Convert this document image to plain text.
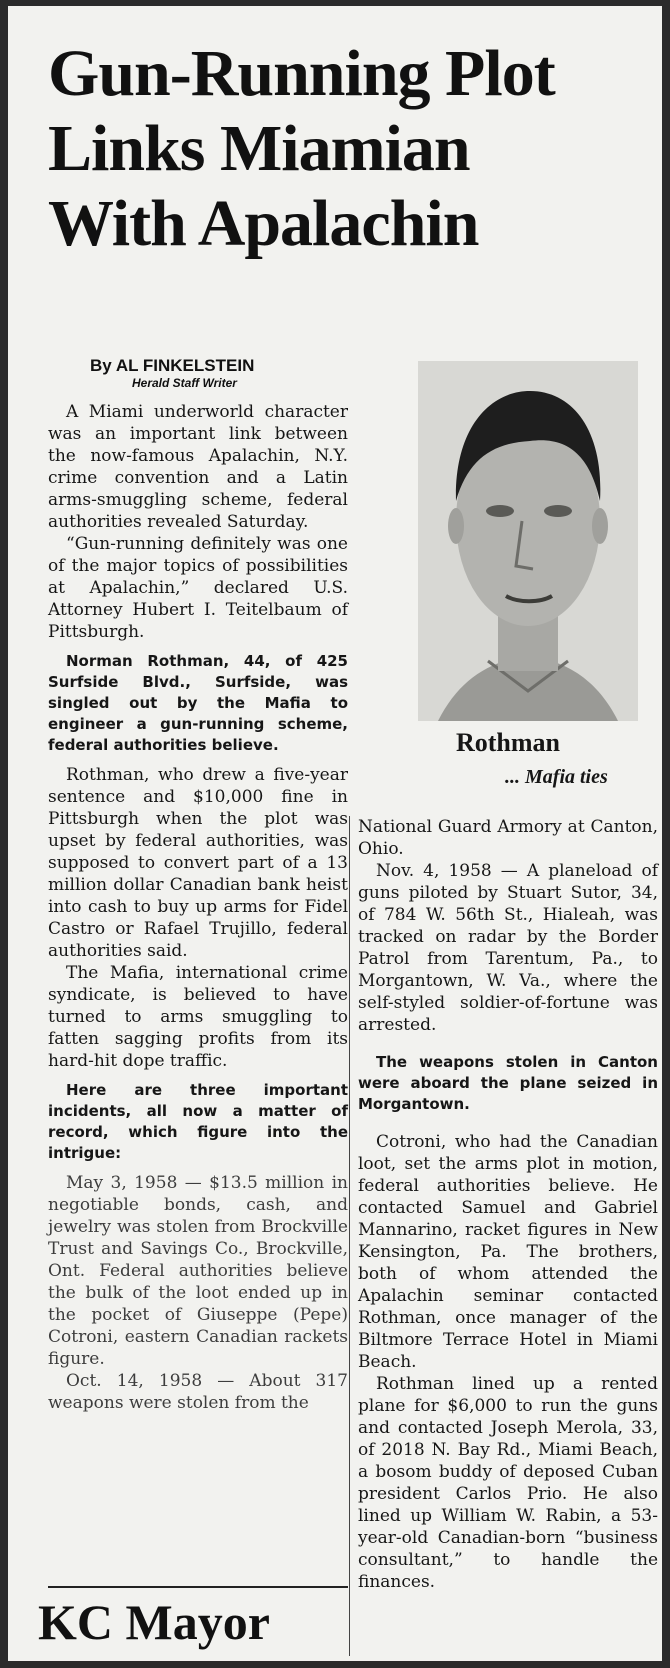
Gun-Running Plot
Links Miamian
With Apalachin
By AL FINKELSTEIN
Herald Staff Writer

A Miami underworld character was an important link between the now-famous Apalachin, N.Y. crime convention and a Latin arms-smuggling scheme, federal authorities revealed Saturday.

“Gun-running definitely was one of the major topics of possibilities at Apalachin,” declared U.S. Attorney Hubert I. Teitelbaum of Pittsburgh.

Norman Rothman, 44, of 425 Surfside Blvd., Surfside, was singled out by the Mafia to engineer a gun-running scheme, federal authorities believe.

Rothman, who drew a five-year sentence and $10,000 fine in Pittsburgh when the plot was upset by federal authorities, was supposed to convert part of a 13 million dollar Canadian bank heist into cash to buy up arms for Fidel Castro or Rafael Trujillo, federal authorities said.

The Mafia, international crime syndicate, is believed to have turned to arms smuggling to fatten sagging profits from its hard-hit dope traffic.

Here are three important incidents, all now a matter of record, which figure into the intrigue:

May 3, 1958 — $13.5 million in negotiable bonds, cash, and jewelry was stolen from Brockville Trust and Savings Co., Brockville, Ont. Federal authorities believe the bulk of the loot ended up in the pocket of Giuseppe (Pepe) Cotroni, eastern Canadian rackets figure.

Oct. 14, 1958 — About 317 weapons were stolen from the

Rothman
... Mafia ties

National Guard Armory at Canton, Ohio.

Nov. 4, 1958 — A planeload of guns piloted by Stuart Sutor, 34, of 784 W. 56th St., Hialeah, was tracked on radar by the Border Patrol from Tarentum, Pa., to Morgantown, W. Va., where the self-styled soldier-of-fortune was arrested.

The weapons stolen in Canton were aboard the plane seized in Morgantown.

Cotroni, who had the Canadian loot, set the arms plot in motion, federal authorities believe. He contacted Samuel and Gabriel Mannarino, racket figures in New Kensington, Pa. The brothers, both of whom attended the Apalachin seminar contacted Rothman, once manager of the Biltmore Terrace Hotel in Miami Beach.

Rothman lined up a rented plane for $6,000 to run the guns and contacted Joseph Merola, 33, of 2018 N. Bay Rd., Miami Beach, a bosom buddy of deposed Cuban president Carlos Prio. He also lined up William W. Rabin, a 53-year-old Canadian-born “business consultant,” to handle the finances.

KC Mayor
